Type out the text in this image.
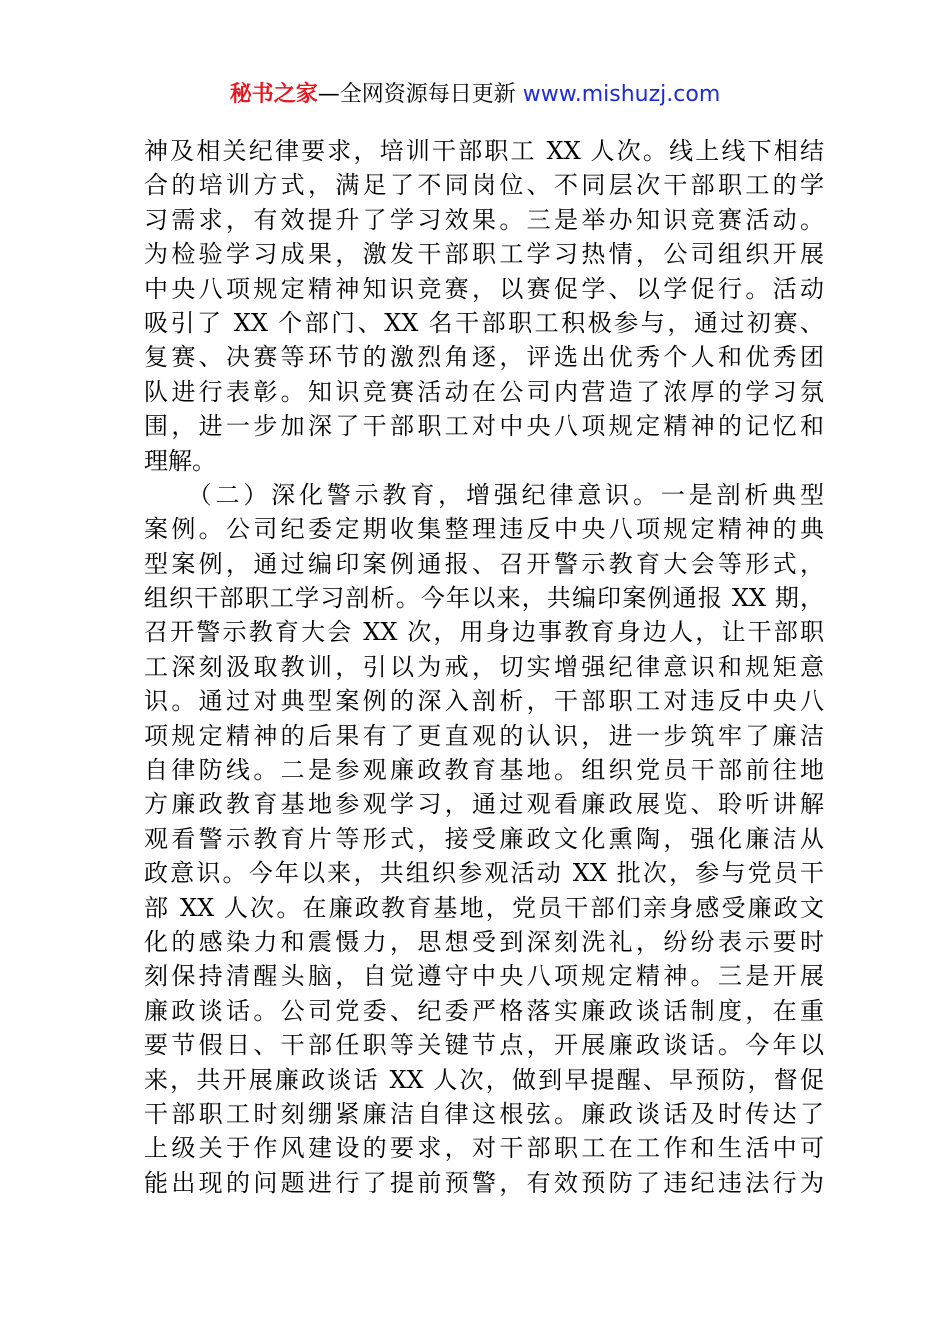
秘书之家—全网资源每日更新 www.mishuzj.com
神及相关纪律要求，培训干部职工 XX 人次。线上线下相结
合的培训方式，满足了不同岗位、不同层次干部职工的学
习需求，有效提升了学习效果。三是举办知识竞赛活动。
为检验学习成果，激发干部职工学习热情，公司组织开展
中央八项规定精神知识竞赛，以赛促学、以学促行。活动
吸引了 XX 个部门、XX 名干部职工积极参与，通过初赛、
复赛、决赛等环节的激烈角逐，评选出优秀个人和优秀团
队进行表彰。知识竞赛活动在公司内营造了浓厚的学习氛
围，进一步加深了干部职工对中央八项规定精神的记忆和
理解。
　　（二）深化警示教育，增强纪律意识。一是剖析典型
案例。公司纪委定期收集整理违反中央八项规定精神的典
型案例，通过编印案例通报、召开警示教育大会等形式，
组织干部职工学习剖析。今年以来，共编印案例通报 XX 期，
召开警示教育大会 XX 次，用身边事教育身边人，让干部职
工深刻汲取教训，引以为戒，切实增强纪律意识和规矩意
识。通过对典型案例的深入剖析，干部职工对违反中央八
项规定精神的后果有了更直观的认识，进一步筑牢了廉洁
自律防线。二是参观廉政教育基地。组织党员干部前往地
方廉政教育基地参观学习，通过观看廉政展览、聆听讲解
观看警示教育片等形式，接受廉政文化熏陶，强化廉洁从
政意识。今年以来，共组织参观活动 XX 批次，参与党员干
部 XX 人次。在廉政教育基地，党员干部们亲身感受廉政文
化的感染力和震慑力，思想受到深刻洗礼，纷纷表示要时
刻保持清醒头脑，自觉遵守中央八项规定精神。三是开展
廉政谈话。公司党委、纪委严格落实廉政谈话制度，在重
要节假日、干部任职等关键节点，开展廉政谈话。今年以
来，共开展廉政谈话 XX 人次，做到早提醒、早预防，督促
干部职工时刻绷紧廉洁自律这根弦。廉政谈话及时传达了
上级关于作风建设的要求，对干部职工在工作和生活中可
能出现的问题进行了提前预警，有效预防了违纪违法行为
